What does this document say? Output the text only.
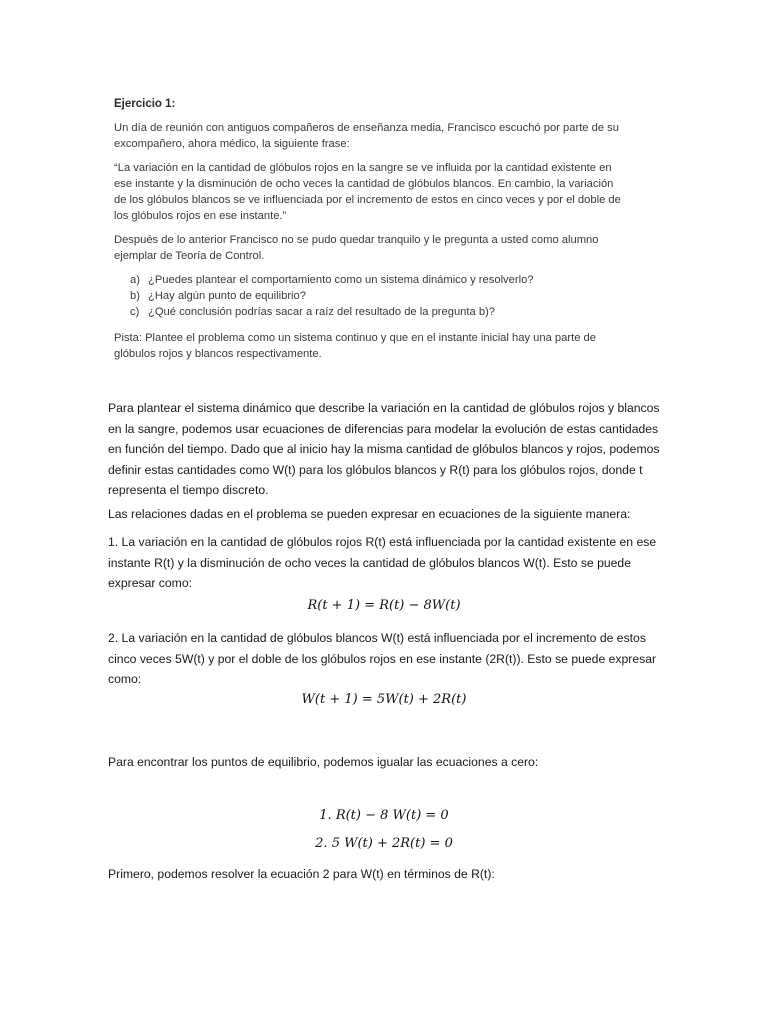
Ejercicio 1:

Un día de reunión con antiguos compañeros de enseñanza media, Francisco escuchó por parte de su excompañero, ahora médico, la siguiente frase:

“La variación en la cantidad de glóbulos rojos en la sangre se ve influida por la cantidad existente en ese instante y la disminución de ocho veces la cantidad de glóbulos blancos. En cambio, la variación de los glóbulos blancos se ve influenciada por el incremento de estos en cinco veces y por el doble de los glóbulos rojos en ese instante.”

Después de lo anterior Francisco no se pudo quedar tranquilo y le pregunta a usted como alumno ejemplar de Teoría de Control.

a) ¿Puedes plantear el comportamiento como un sistema dinámico y resolverlo?
b) ¿Hay algún punto de equilibrio?
c) ¿Qué conclusión podrías sacar a raíz del resultado de la pregunta b)?

Pista: Plantee el problema como un sistema continuo y que en el instante inicial hay una parte de glóbulos rojos y blancos respectivamente.

Para plantear el sistema dinámico que describe la variación en la cantidad de glóbulos rojos y blancos en la sangre, podemos usar ecuaciones de diferencias para modelar la evolución de estas cantidades en función del tiempo. Dado que al inicio hay la misma cantidad de glóbulos blancos y rojos, podemos definir estas cantidades como W(t) para los glóbulos blancos y R(t) para los glóbulos rojos, donde t representa el tiempo discreto.

Las relaciones dadas en el problema se pueden expresar en ecuaciones de la siguiente manera:

1. La variación en la cantidad de glóbulos rojos R(t) está influenciada por la cantidad existente en ese instante R(t) y la disminución de ocho veces la cantidad de glóbulos blancos W(t). Esto se puede expresar como:

R(t + 1) = R(t) − 8W(t)

2. La variación en la cantidad de glóbulos blancos W(t) está influenciada por el incremento de estos cinco veces 5W(t) y por el doble de los glóbulos rojos en ese instante (2R(t)). Esto se puede expresar como:

W(t + 1) = 5W(t) + 2R(t)

Para encontrar los puntos de equilibrio, podemos igualar las ecuaciones a cero:

1. R(t) − 8 W(t) = 0
2. 5 W(t) + 2R(t) = 0

Primero, podemos resolver la ecuación 2 para W(t) en términos de R(t):
